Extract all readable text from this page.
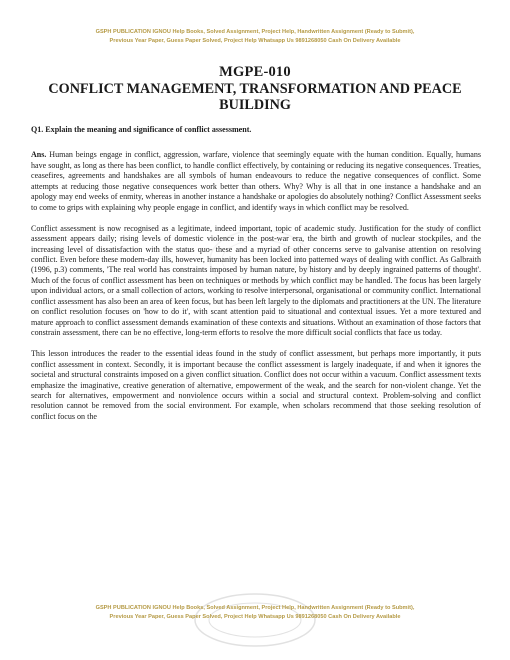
GSPH PUBLICATION IGNOU Help Books, Solved Assignment, Project Help, Handwritten Assignment (Ready to Submit),
Previous Year Paper, Guess Paper Solved, Project Help Whatsapp Us 9891268050 Cash On Delivery Available
MGPE-010
CONFLICT MANAGEMENT, TRANSFORMATION AND PEACE BUILDING

Q1. Explain the meaning and significance of conflict assessment.

Ans. Human beings engage in conflict, aggression, warfare, violence that seemingly equate with the human condition. Equally, humans have sought, as long as there has been conflict, to handle conflict effectively, by containing or reducing its negative consequences. Treaties, ceasefires, agreements and handshakes are all symbols of human endeavours to reduce the negative consequences of conflict. Some attempts at reducing those negative consequences work better than others. Why? Why is all that in one instance a handshake and an apology may end weeks of enmity, whereas in another instance a handshake or apologies do absolutely nothing? Conflict Assessment seeks to come to grips with explaining why people engage in conflict, and identify ways in which conflict may be resolved.

Conflict assessment is now recognised as a legitimate, indeed important, topic of academic study. Justification for the study of conflict assessment appears daily; rising levels of domestic violence in the post-war era, the birth and growth of nuclear stockpiles, and the increasing level of dissatisfaction with the status quo- these and a myriad of other concerns serve to galvanise attention on resolving conflict. Even before these modern-day ills, however, humanity has been locked into patterned ways of dealing with conflict. As Galbraith (1996, p.3) comments, 'The real world has constraints imposed by human nature, by history and by deeply ingrained patterns of thought'. Much of the focus of conflict assessment has been on techniques or methods by which conflict may be handled. The focus has been largely upon individual actors, or a small collection of actors, working to resolve interpersonal, organisational or community conflict. International conflict assessment has also been an area of keen focus, but has been left largely to the diplomats and practitioners at the UN. The literature on conflict resolution focuses on 'how to do it', with scant attention paid to situational and contextual issues. Yet a more textured and mature approach to conflict assessment demands examination of these contexts and situations. Without an examination of those factors that constrain assessment, there can be no effective, long-term efforts to resolve the more difficult social conflicts that face us today.

This lesson introduces the reader to the essential ideas found in the study of conflict assessment, but perhaps more importantly, it puts conflict assessment in context. Secondly, it is important because the conflict assessment is largely inadequate, if and when it ignores the societal and structural constraints imposed on a given conflict situation. Conflict does not occur within a vacuum. Conflict assessment texts emphasize the imaginative, creative generation of alternative, empowerment of the weak, and the search for non-violent change. Yet the search for alternatives, empowerment and nonviolence occurs within a social and structural context. Problem-solving and conflict resolution cannot be removed from the social environment. For example, when scholars recommend that those seeking resolution of conflict focus on the

GSPH PUBLICATION IGNOU Help Books, Solved Assignment, Project Help, Handwritten Assignment (Ready to Submit),
Previous Year Paper, Guess Paper Solved, Project Help Whatsapp Us 9891268050 Cash On Delivery Available
